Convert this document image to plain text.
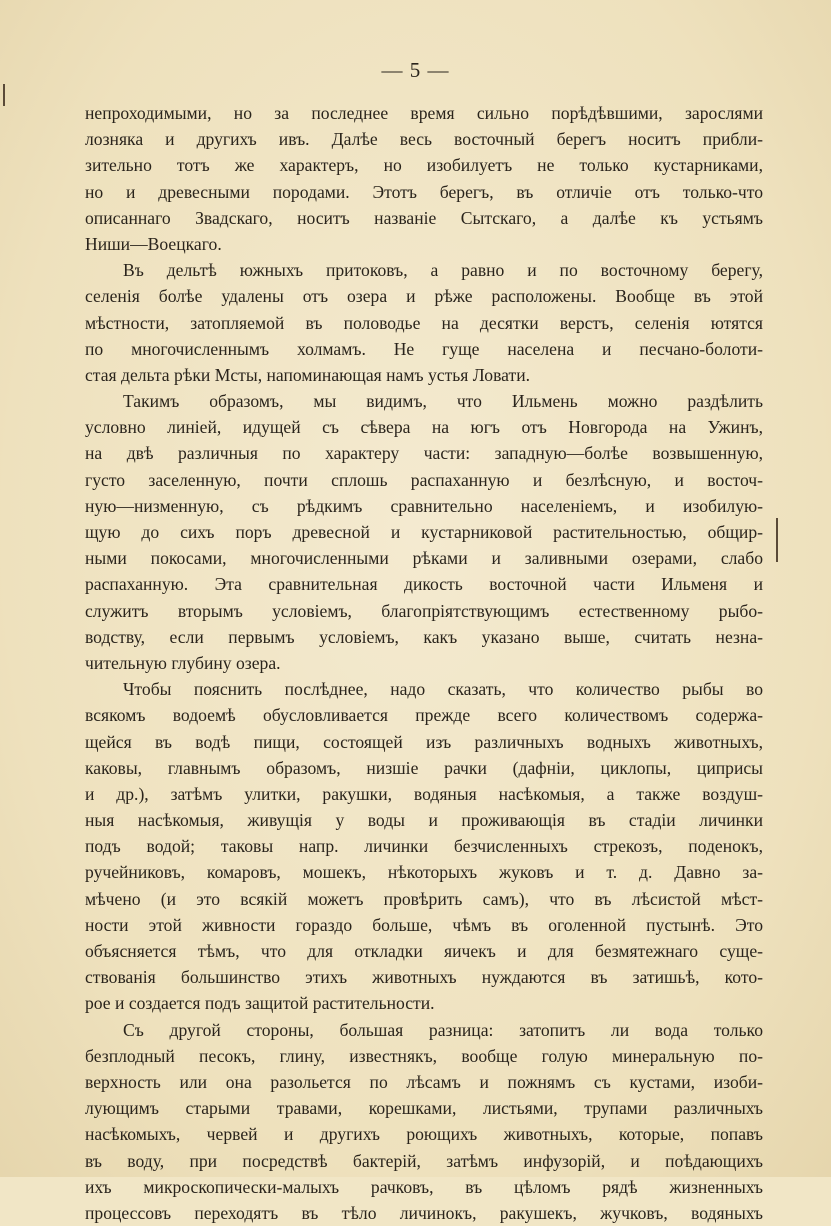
— 5 —
непроходимыми, но за последнее время сильно порѣдѣвшими, зарослями
лозняка и другихъ ивъ. Далѣе весь восточный берегъ носитъ прибли-
зительно тотъ же характеръ, но изобилуетъ не только кустарниками,
но и древесными породами. Этотъ берегъ, въ отличіе отъ только-что
описаннаго Звадскаго, носитъ названіе Сытскаго, а далѣе къ устьямъ
Ниши—Воецкаго.
Въ дельтѣ южныхъ притоковъ, а равно и по восточному берегу,
селенія болѣе удалены отъ озера и рѣже расположены. Вообще въ этой
мѣстности, затопляемой въ половодье на десятки верстъ, селенія ютятся
по многочисленнымъ холмамъ. Не гуще населена и песчано-болоти-
стая дельта рѣки Мсты, напоминающая намъ устья Ловати.
Такимъ образомъ, мы видимъ, что Ильмень можно раздѣлить
условно линіей, идущей съ сѣвера на югъ отъ Новгорода на Ужинъ,
на двѣ различныя по характеру части: западную—болѣе возвышенную,
густо заселенную, почти сплошь распаханную и безлѣсную, и восточ-
ную—низменную, съ рѣдкимъ сравнительно населеніемъ, и изобилую-
щую до сихъ поръ древесной и кустарниковой растительностью, общир-
ными покосами, многочисленными рѣками и заливными озерами, слабо
распаханную. Эта сравнительная дикость восточной части Ильменя и
служитъ вторымъ условіемъ, благопріятствующимъ естественному рыбо-
водству, если первымъ условіемъ, какъ указано выше, считать незна-
чительную глубину озера.
Чтобы пояснить послѣднее, надо сказать, что количество рыбы во
всякомъ водоемѣ обусловливается прежде всего количествомъ содержа-
щейся въ водѣ пищи, состоящей изъ различныхъ водныхъ животныхъ,
каковы, главнымъ образомъ, низшіе рачки (дафніи, циклопы, циприсы
и др.), затѣмъ улитки, ракушки, водяныя насѣкомыя, а также воздуш-
ныя насѣкомыя, живущія у воды и проживающія въ стадіи личинки
подъ водой; таковы напр. личинки безчисленныхъ стрекозъ, поденокъ,
ручейниковъ, комаровъ, мошекъ, нѣкоторыхъ жуковъ и т. д. Давно за-
мѣчено (и это всякій можетъ провѣрить самъ), что въ лѣсистой мѣст-
ности этой живности гораздо больше, чѣмъ въ оголенной пустынѣ. Это
объясняется тѣмъ, что для откладки яичекъ и для безмятежнаго суще-
ствованія большинство этихъ животныхъ нуждаются въ затишьѣ, кото-
рое и создается подъ защитой растительности.
Съ другой стороны, большая разница: затопитъ ли вода только
безплодный песокъ, глину, известнякъ, вообще голую минеральную по-
верхность или она разольется по лѣсамъ и пожнямъ съ кустами, изоби-
лующимъ старыми травами, корешками, листьями, трупами различныхъ
насѣкомыхъ, червей и другихъ роющихъ животныхъ, которые, попавъ
въ воду, при посредствѣ бактерій, затѣмъ инфузорій, и поѣдающихъ
ихъ микроскопически-малыхъ рачковъ, въ цѣломъ рядѣ жизненныхъ
процессовъ переходятъ въ тѣло личинокъ, ракушекъ, жучковъ, водяныхъ
